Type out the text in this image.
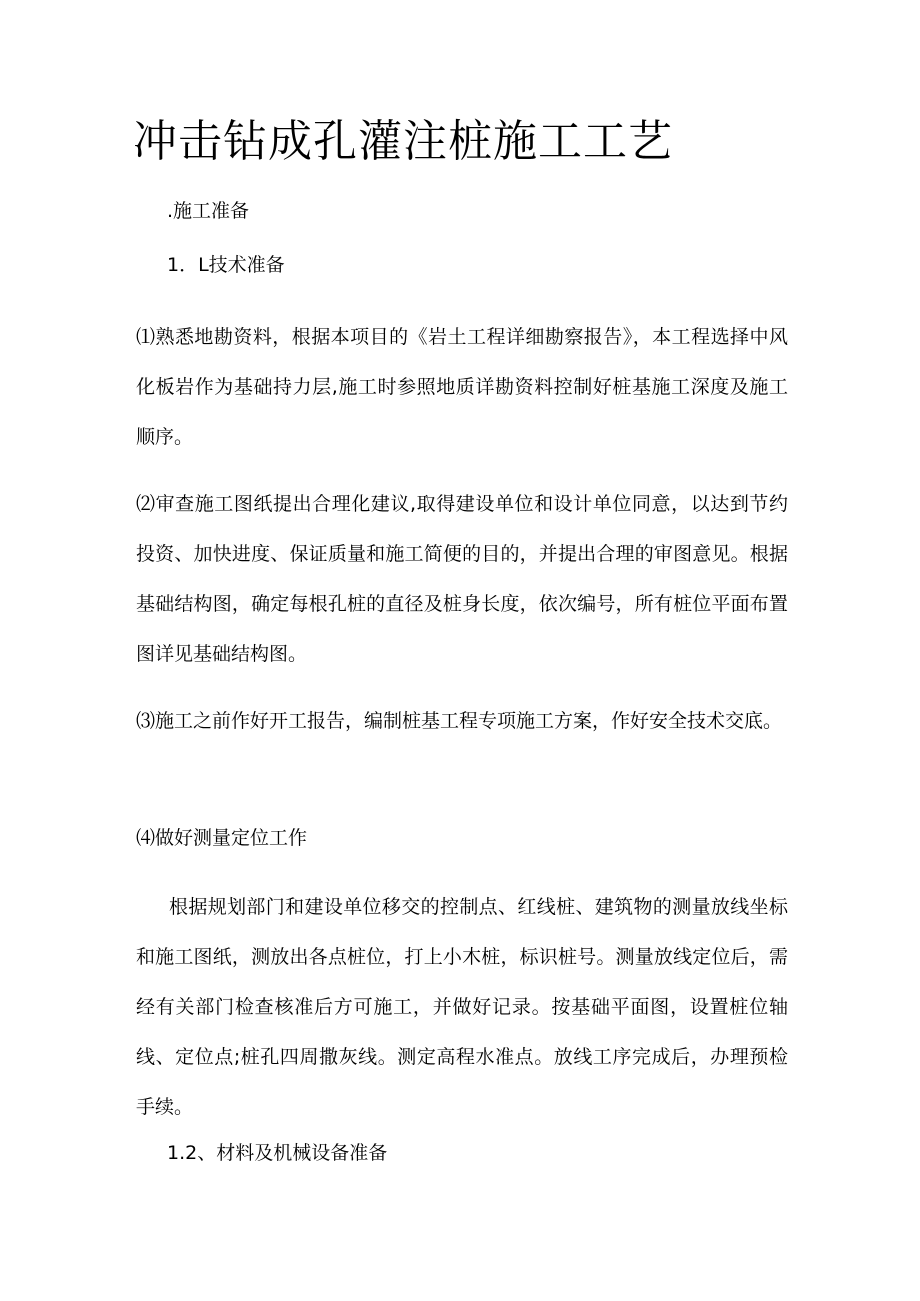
冲击钻成孔灌注桩施工工艺

.施工准备

1．L技术准备

⑴熟悉地勘资料，根据本项目的《岩土工程详细勘察报告》，本工程选择中风化板岩作为基础持力层,施工时参照地质详勘资料控制好桩基施工深度及施工顺序。

⑵审查施工图纸提出合理化建议,取得建设单位和设计单位同意，以达到节约投资、加快进度、保证质量和施工简便的目的，并提出合理的审图意见。根据基础结构图，确定每根孔桩的直径及桩身长度，依次编号，所有桩位平面布置图详见基础结构图。

⑶施工之前作好开工报告，编制桩基工程专项施工方案，作好安全技术交底。

⑷做好测量定位工作

根据规划部门和建设单位移交的控制点、红线桩、建筑物的测量放线坐标和施工图纸，测放出各点桩位，打上小木桩，标识桩号。测量放线定位后，需经有关部门检查核准后方可施工，并做好记录。按基础平面图，设置桩位轴线、定位点;桩孔四周撒灰线。测定高程水准点。放线工序完成后，办理预检手续。

1.2、材料及机械设备准备
